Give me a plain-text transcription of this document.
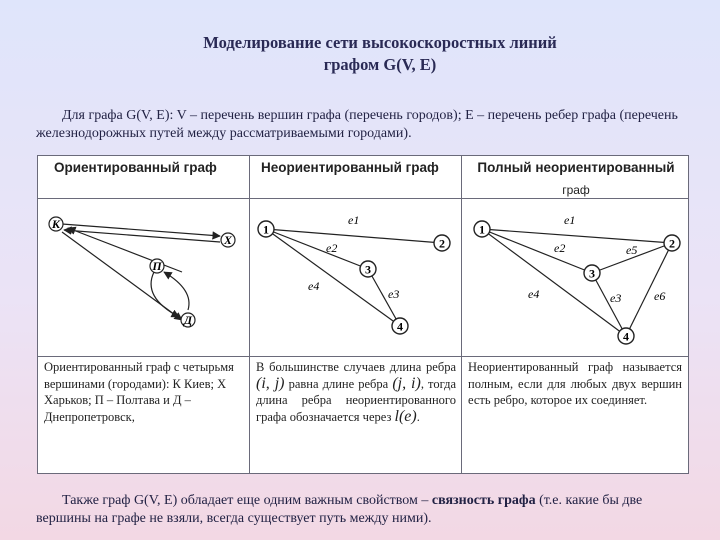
Моделирование сети высокоскоростных линий
графом G(V, E)
Для графа G(V, E): V – перечень вершин графа (перечень городов); E – перечень ребер графа (перечень железнодорожных путей между рассматриваемыми городами).
Ориентированный граф	Неориентированный граф	Полный неориентированный
граф
К
Х
П
Д
1
2
3
4
e1
e2
e3
e4
1
2
3
4
e1
e2
e3
e4
e5
e6
Ориентированный граф с четырьмя вершинами (городами): К Киев; Х Харьков; П – Полтава и Д – Днепропетровск,
В большинстве случаев длина ребра (i, j) равна длине ребра (j, i), тогда длина ребра неориентированного графа обозначается через l(e).
Неориентированный граф называется полным, если для любых двух вершин есть ребро, которое их соединяет.
Также граф G(V, E) обладает еще одним важным свойством – связность графа (т.е. какие бы две вершины на графе не взяли, всегда существует путь между ними).
